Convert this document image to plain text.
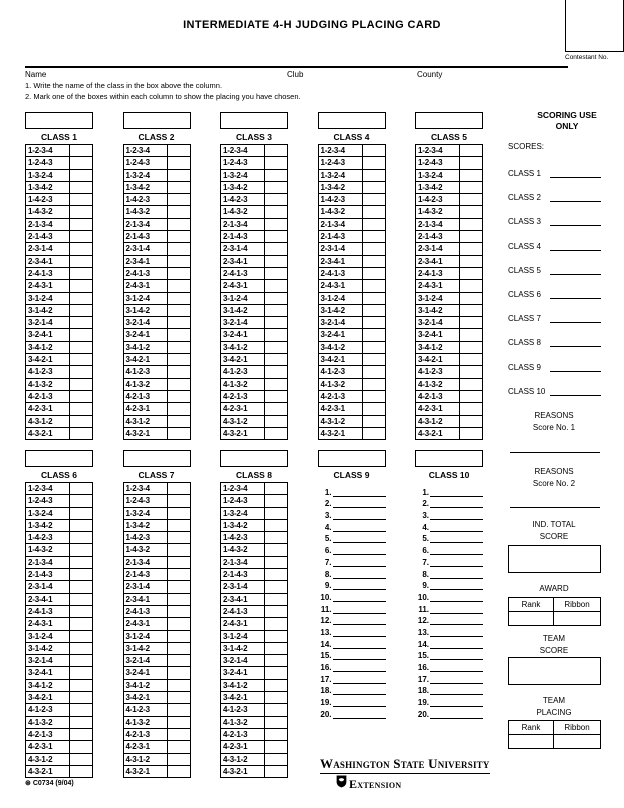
INTERMEDIATE 4-H JUDGING PLACING CARD
Contestant No.
Name	Club	County
1. Write the name of the class in the box above the column.
2. Mark one of the boxes within each column to show the placing you have chosen.
CLASS 1
1-2-3-4
1-2-4-3
1-3-2-4
1-3-4-2
1-4-2-3
1-4-3-2
2-1-3-4
2-1-4-3
2-3-1-4
2-3-4-1
2-4-1-3
2-4-3-1
3-1-2-4
3-1-4-2
3-2-1-4
3-2-4-1
3-4-1-2
3-4-2-1
4-1-2-3
4-1-3-2
4-2-1-3
4-2-3-1
4-3-1-2
4-3-2-1
CLASS 2
1-2-3-4
1-2-4-3
1-3-2-4
1-3-4-2
1-4-2-3
1-4-3-2
2-1-3-4
2-1-4-3
2-3-1-4
2-3-4-1
2-4-1-3
2-4-3-1
3-1-2-4
3-1-4-2
3-2-1-4
3-2-4-1
3-4-1-2
3-4-2-1
4-1-2-3
4-1-3-2
4-2-1-3
4-2-3-1
4-3-1-2
4-3-2-1
CLASS 3
1-2-3-4
1-2-4-3
1-3-2-4
1-3-4-2
1-4-2-3
1-4-3-2
2-1-3-4
2-1-4-3
2-3-1-4
2-3-4-1
2-4-1-3
2-4-3-1
3-1-2-4
3-1-4-2
3-2-1-4
3-2-4-1
3-4-1-2
3-4-2-1
4-1-2-3
4-1-3-2
4-2-1-3
4-2-3-1
4-3-1-2
4-3-2-1
CLASS 4
1-2-3-4
1-2-4-3
1-3-2-4
1-3-4-2
1-4-2-3
1-4-3-2
2-1-3-4
2-1-4-3
2-3-1-4
2-3-4-1
2-4-1-3
2-4-3-1
3-1-2-4
3-1-4-2
3-2-1-4
3-2-4-1
3-4-1-2
3-4-2-1
4-1-2-3
4-1-3-2
4-2-1-3
4-2-3-1
4-3-1-2
4-3-2-1
CLASS 5
1-2-3-4
1-2-4-3
1-3-2-4
1-3-4-2
1-4-2-3
1-4-3-2
2-1-3-4
2-1-4-3
2-3-1-4
2-3-4-1
2-4-1-3
2-4-3-1
3-1-2-4
3-1-4-2
3-2-1-4
3-2-4-1
3-4-1-2
3-4-2-1
4-1-2-3
4-1-3-2
4-2-1-3
4-2-3-1
4-3-1-2
4-3-2-1
CLASS 6
1-2-3-4
1-2-4-3
1-3-2-4
1-3-4-2
1-4-2-3
1-4-3-2
2-1-3-4
2-1-4-3
2-3-1-4
2-3-4-1
2-4-1-3
2-4-3-1
3-1-2-4
3-1-4-2
3-2-1-4
3-2-4-1
3-4-1-2
3-4-2-1
4-1-2-3
4-1-3-2
4-2-1-3
4-2-3-1
4-3-1-2
4-3-2-1
CLASS 7
1-2-3-4
1-2-4-3
1-3-2-4
1-3-4-2
1-4-2-3
1-4-3-2
2-1-3-4
2-1-4-3
2-3-1-4
2-3-4-1
2-4-1-3
2-4-3-1
3-1-2-4
3-1-4-2
3-2-1-4
3-2-4-1
3-4-1-2
3-4-2-1
4-1-2-3
4-1-3-2
4-2-1-3
4-2-3-1
4-3-1-2
4-3-2-1
CLASS 8
1-2-3-4
1-2-4-3
1-3-2-4
1-3-4-2
1-4-2-3
1-4-3-2
2-1-3-4
2-1-4-3
2-3-1-4
2-3-4-1
2-4-1-3
2-4-3-1
3-1-2-4
3-1-4-2
3-2-1-4
3-2-4-1
3-4-1-2
3-4-2-1
4-1-2-3
4-1-3-2
4-2-1-3
4-2-3-1
4-3-1-2
4-3-2-1
CLASS 9
1.
2.
3.
4.
5.
6.
7.
8.
9.
10.
11.
12.
13.
14.
15.
16.
17.
18.
19.
20.
CLASS 10
1.
2.
3.
4.
5.
6.
7.
8.
9.
10.
11.
12.
13.
14.
15.
16.
17.
18.
19.
20.
SCORING USE
ONLY
SCORES:
CLASS 1
CLASS 2
CLASS 3
CLASS 4
CLASS 5
CLASS 6
CLASS 7
CLASS 8
CLASS 9
CLASS 10
REASONS
Score No. 1
REASONS
Score No. 2
IND. TOTAL
SCORE
AWARD
Rank	Ribbon
TEAM
SCORE
TEAM
PLACING
Rank	Ribbon
⊛ C0734 (9/04)
Washington State University
Extension
